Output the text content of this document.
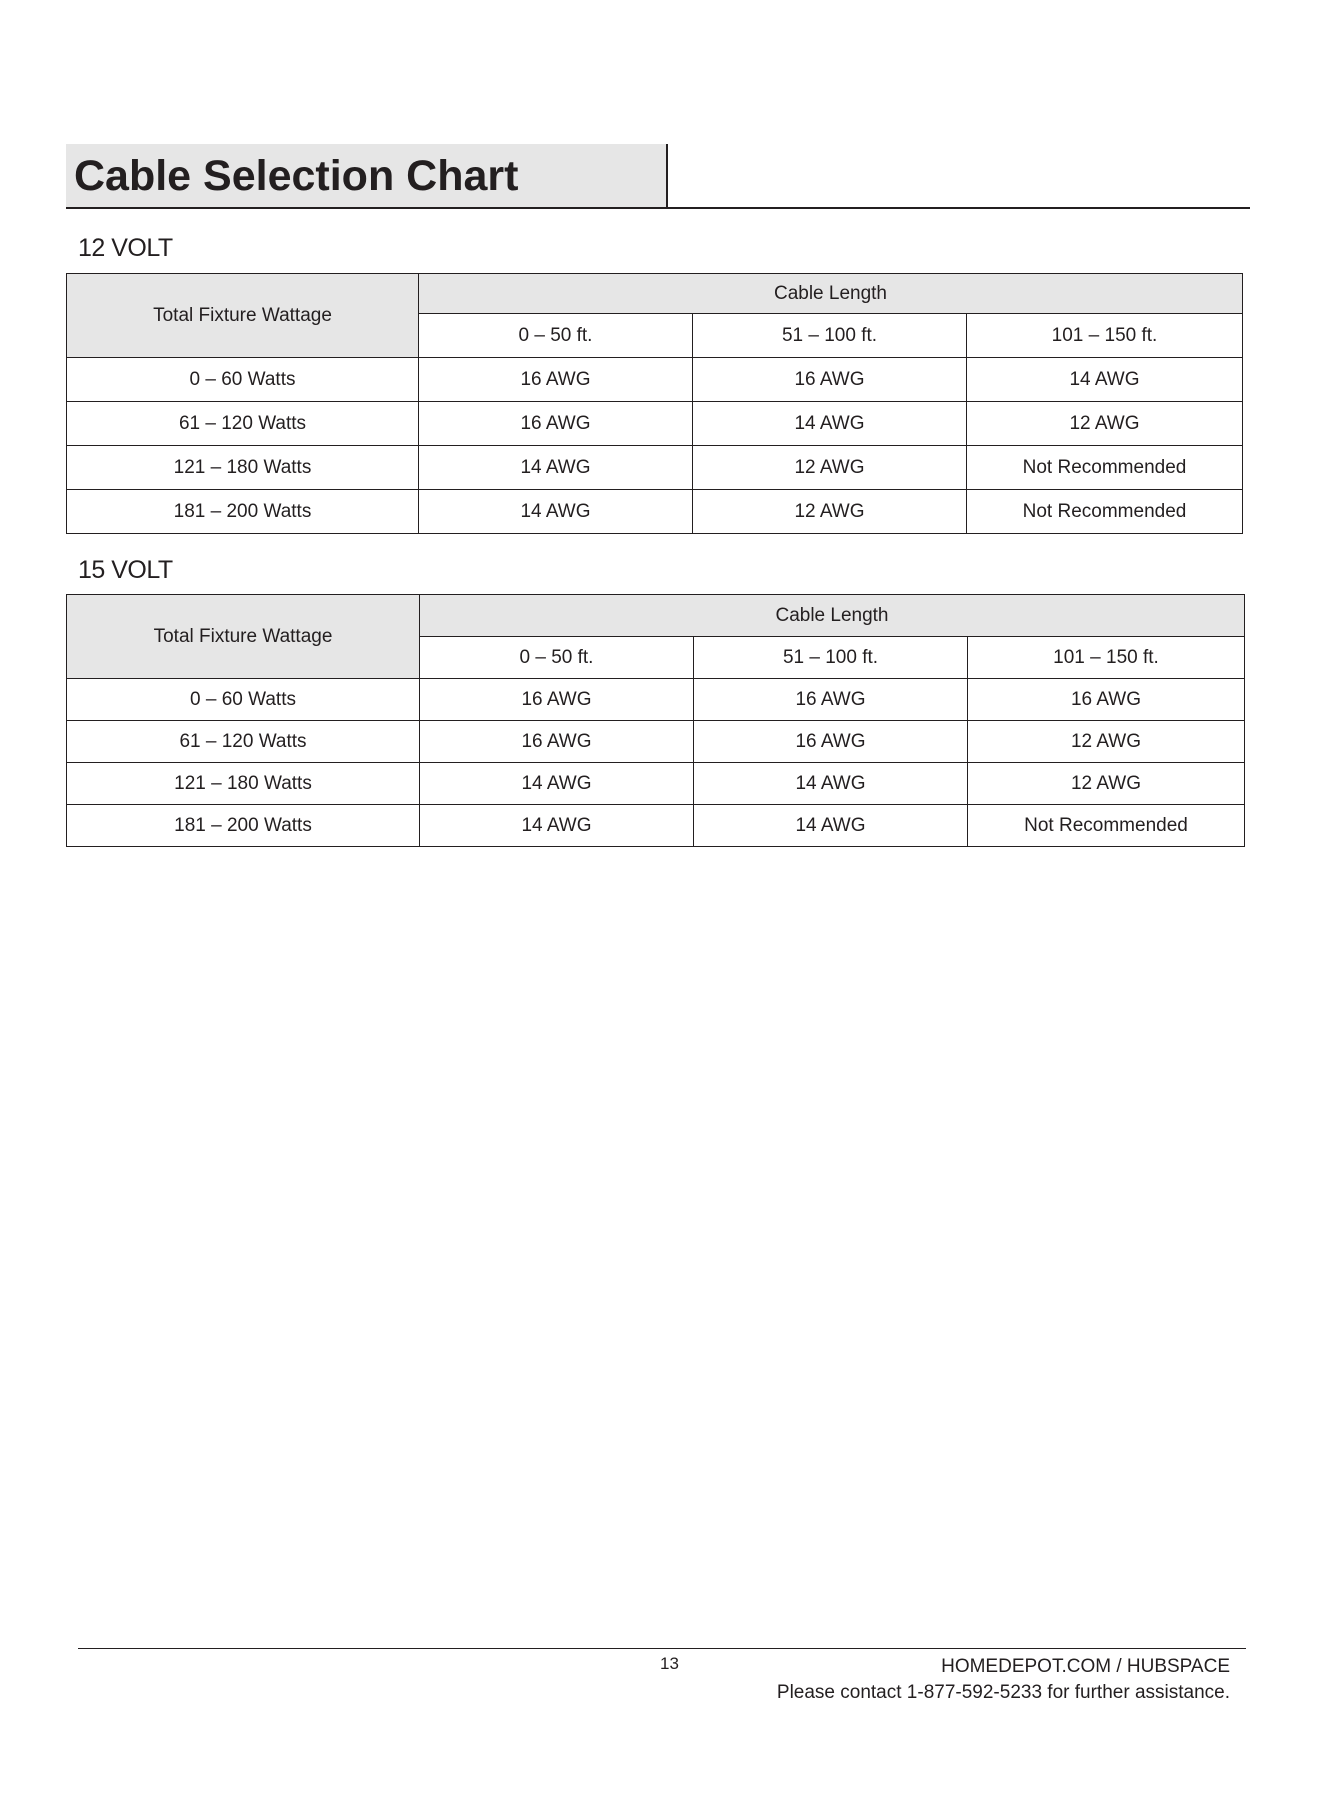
Cable Selection Chart
12 VOLT
Total Fixture Wattage	Cable Length		
	0 – 50 ft.	51 – 100 ft.	101 – 150 ft.
0 – 60 Watts	16 AWG	16 AWG	14 AWG
61 – 120 Watts	16 AWG	14 AWG	12 AWG
121 – 180 Watts	14 AWG	12 AWG	Not Recommended
181 – 200 Watts	14 AWG	12 AWG	Not Recommended
15 VOLT
Total Fixture Wattage	Cable Length		
	0 – 50 ft.	51 – 100 ft.	101 – 150 ft.
0 – 60 Watts	16 AWG	16 AWG	16 AWG
61 – 120 Watts	16 AWG	16 AWG	12 AWG
121 – 180 Watts	14 AWG	14 AWG	12 AWG
181 – 200 Watts	14 AWG	14 AWG	Not Recommended
13	HOMEDEPOT.COM / HUBSPACE
Please contact 1-877-592-5233 for further assistance.
